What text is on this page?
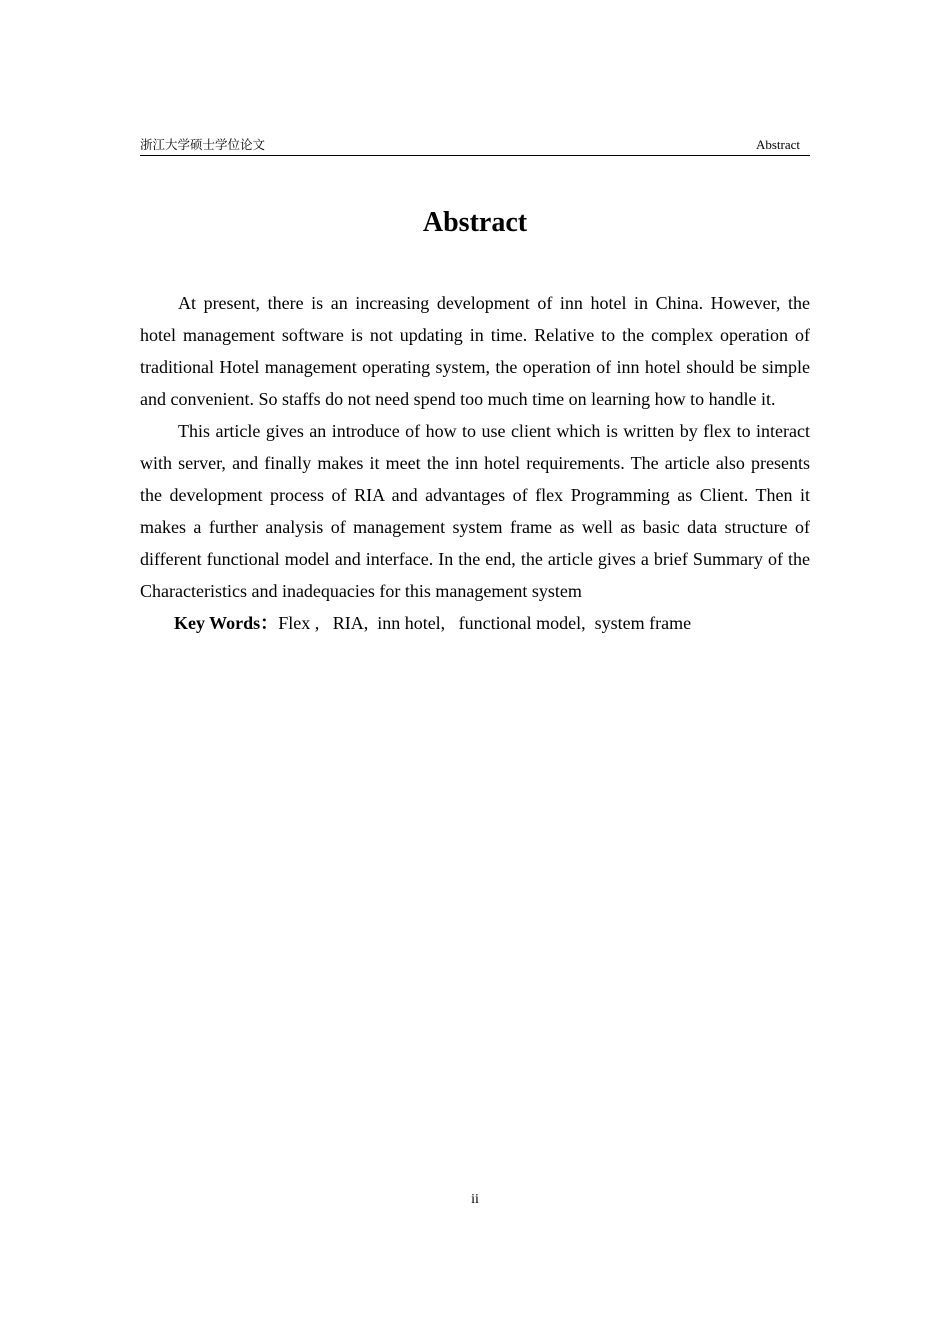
浙江大学硕士学位论文	Abstract
Abstract

At present, there is an increasing development of inn hotel in China. However, the hotel management software is not updating in time. Relative to the complex operation of traditional Hotel management operating system, the operation of inn hotel should be simple and convenient. So staffs do not need spend too much time on learning how to handle it.

This article gives an introduce of how to use client which is written by flex to interact with server, and finally makes it meet the inn hotel requirements. The article also presents the development process of RIA and advantages of flex Programming as Client. Then it makes a further analysis of management system frame as well as basic data structure of different functional model and interface. In the end, the article gives a brief Summary of the Characteristics and inadequacies for this management system

Key Words：Flex ,   RIA,  inn hotel,   functional model,  system frame

ii
